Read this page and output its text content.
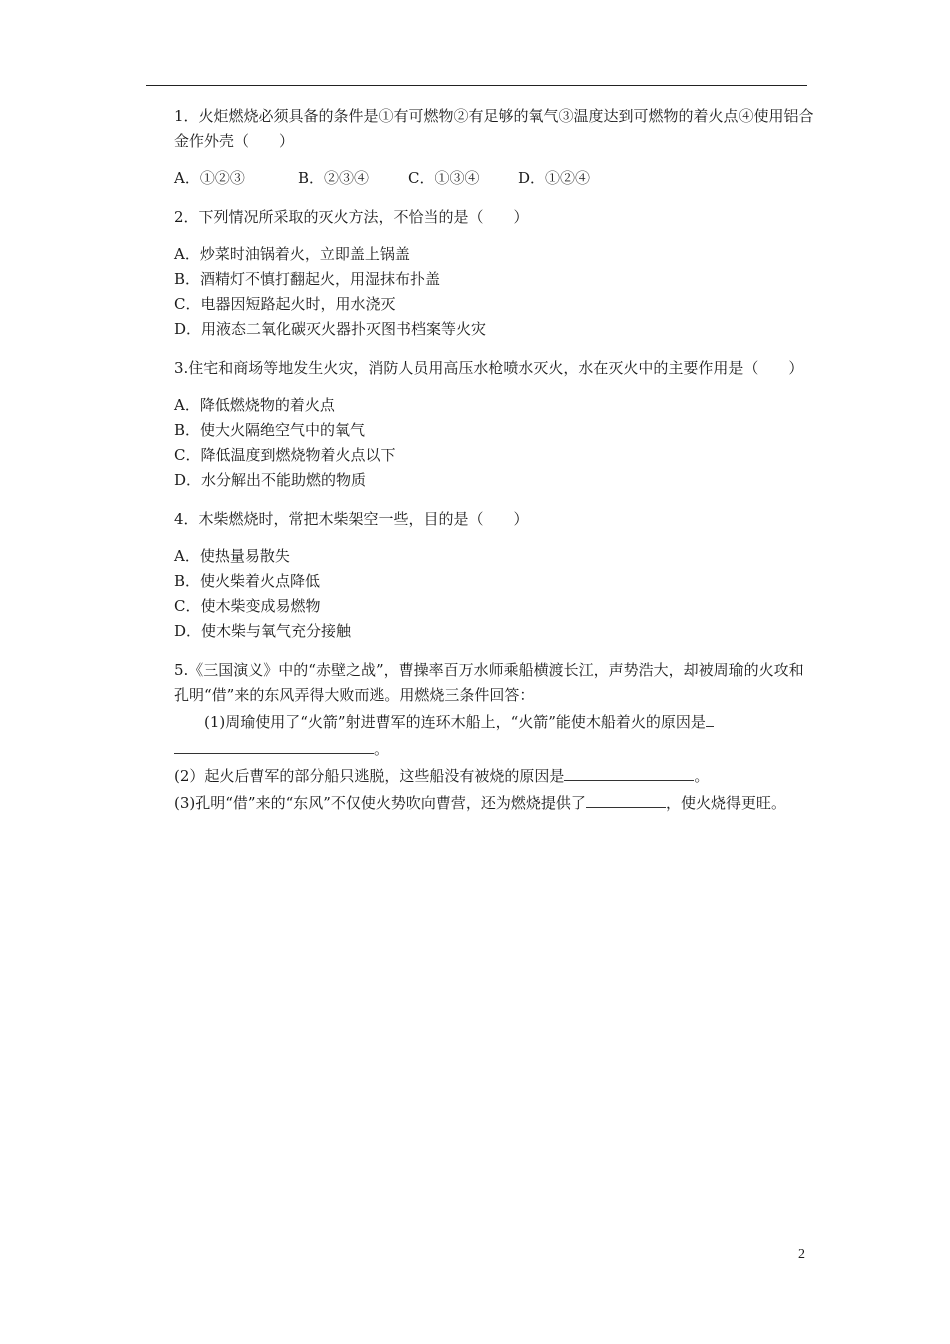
1．火炬燃烧必须具备的条件是①有可燃物②有足够的氧气③温度达到可燃物的着火点④使用铝合金作外壳（　　）

A．①②③	B．②③④	C．①③④	D．①②④

2．下列情况所采取的灭火方法，不恰当的是（　　）

A．炒菜时油锅着火，立即盖上锅盖

B．酒精灯不慎打翻起火，用湿抹布扑盖

C．电器因短路起火时，用水浇灭

D．用液态二氧化碳灭火器扑灭图书档案等火灾

3.住宅和商场等地发生火灾，消防人员用高压水枪喷水灭火，水在灭火中的主要作用是（　　）

A．降低燃烧物的着火点

B．使大火隔绝空气中的氧气

C．降低温度到燃烧物着火点以下

D．水分解出不能助燃的物质

4．木柴燃烧时，常把木柴架空一些，目的是（　　）

A．使热量易散失

B．使火柴着火点降低

C．使木柴变成易燃物

D．使木柴与氧气充分接触

5.《三国演义》中的“赤壁之战”，曹操率百万水师乘船横渡长江，声势浩大，却被周瑜的火攻和孔明“借”来的东风弄得大败而逃。用燃烧三条件回答：

(1)周瑜使用了“火箭”射进曹军的连环木船上，“火箭”能使木船着火的原因是

。

(2）起火后曹军的部分船只逃脱，这些船没有被烧的原因是	。

(3)孔明“借”来的“东风”不仅使火势吹向曹营，还为燃烧提供了	，使火烧得更旺。

2
